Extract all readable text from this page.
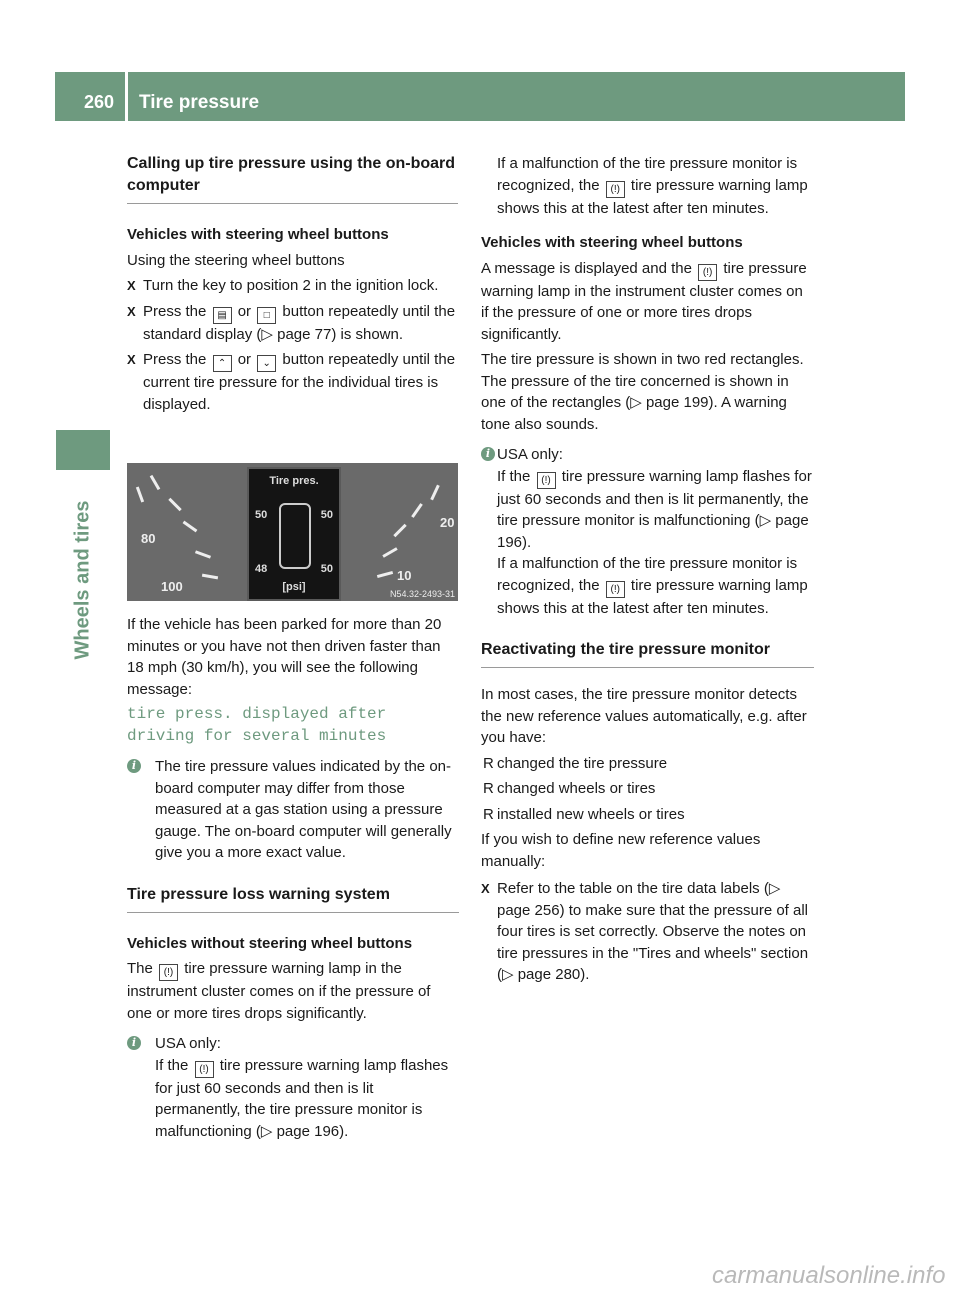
260 Tire pressure
Wheels and tires

Calling up tire pressure using the on-board computer

Vehicles with steering wheel buttons

Using the steering wheel buttons

X Turn the key to position 2 in the ignition lock.

X Press the ▤ or □ button repeatedly until the standard display (▷ page 77) is shown.

X Press the ⌃ or ⌄ button repeatedly until the current tire pressure for the individual tires is displayed.

80
100
Tire pres.
50	50
48	50
[psi]
10
20
N54.32-2493-31

If the vehicle has been parked for more than 20 minutes or you have not then driven faster than 18 mph (30 km/h), you will see the following message:

tire press. displayed after driving for several minutes

i	The tire pressure values indicated by the on-board computer may differ from those measured at a gas station using a pressure gauge. The on-board computer will generally give you a more exact value.

Tire pressure loss warning system

Vehicles without steering wheel buttons

The (!) tire pressure warning lamp in the instrument cluster comes on if the pressure of one or more tires drops significantly.

i	USA only:
If the (!) tire pressure warning lamp flashes for just 60 seconds and then is lit permanently, the tire pressure monitor is malfunctioning (▷ page 196).

If a malfunction of the tire pressure monitor is recognized, the (!) tire pressure warning lamp shows this at the latest after ten minutes.

Vehicles with steering wheel buttons

A message is displayed and the (!) tire pressure warning lamp in the instrument cluster comes on if the pressure of one or more tires drops significantly.

The tire pressure is shown in two red rectangles. The pressure of the tire concerned is shown in one of the rectangles (▷ page 199). A warning tone also sounds.

i USA only:
If the (!) tire pressure warning lamp flashes for just 60 seconds and then is lit permanently, the tire pressure monitor is malfunctioning (▷ page 196).
If a malfunction of the tire pressure monitor is recognized, the (!) tire pressure warning lamp shows this at the latest after ten minutes.

Reactivating the tire pressure monitor

In most cases, the tire pressure monitor detects the new reference values automatically, e.g. after you have:

R changed the tire pressure

R changed wheels or tires

R installed new wheels or tires

If you wish to define new reference values manually:

X Refer to the table on the tire data labels (▷ page 256) to make sure that the pressure of all four tires is set correctly. Observe the notes on tire pressures in the "Tires and wheels" section (▷ page 280).

carmanualsonline.info
